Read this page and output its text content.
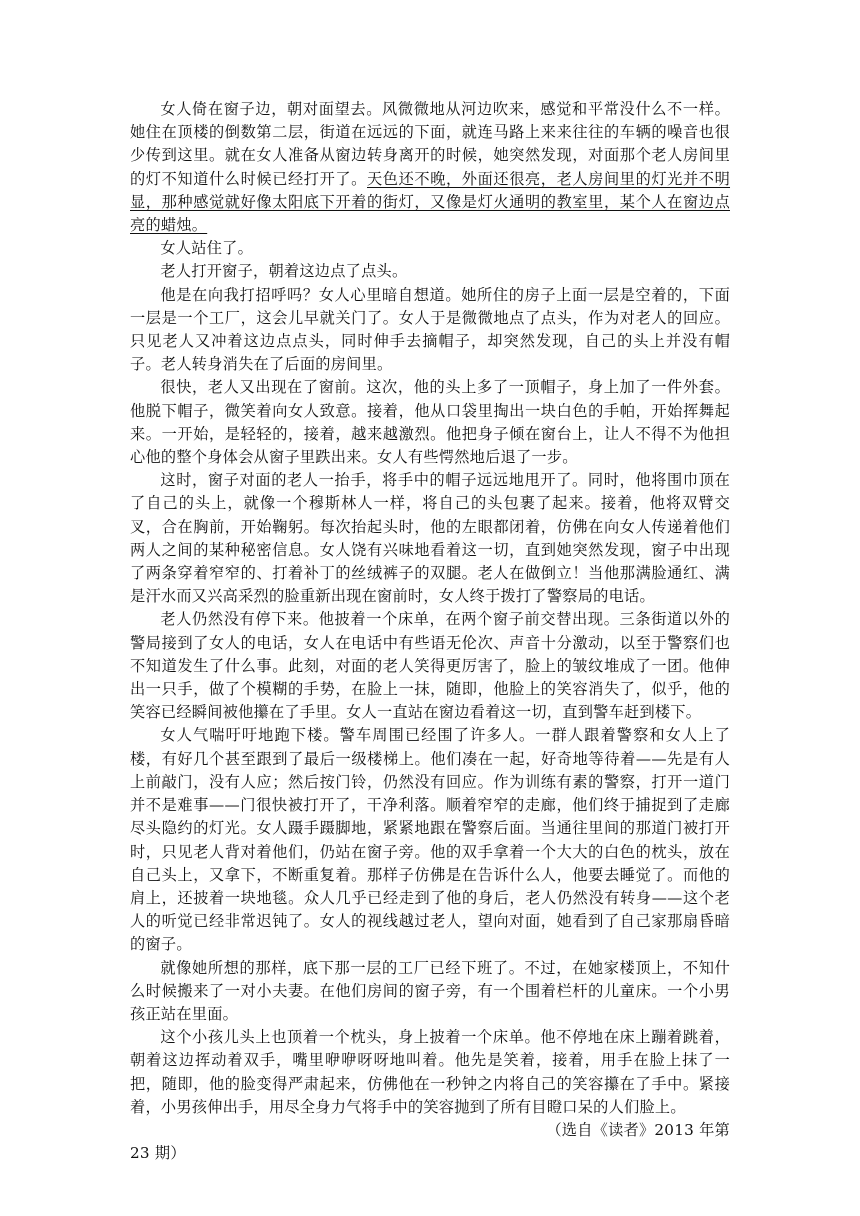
女人倚在窗子边，朝对面望去。风微微地从河边吹来，感觉和平常没什么不一样。她住在顶楼的倒数第二层，街道在远远的下面，就连马路上来来往往的车辆的噪音也很少传到这里。就在女人准备从窗边转身离开的时候，她突然发现，对面那个老人房间里的灯不知道什么时候已经打开了。天色还不晚，外面还很亮，老人房间里的灯光并不明显，那种感觉就好像太阳底下开着的街灯，又像是灯火通明的教室里，某个人在窗边点亮的蜡烛。

女人站住了。

老人打开窗子，朝着这边点了点头。

他是在向我打招呼吗？女人心里暗自想道。她所住的房子上面一层是空着的，下面一层是一个工厂，这会儿早就关门了。女人于是微微地点了点头，作为对老人的回应。只见老人又冲着这边点点头，同时伸手去摘帽子，却突然发现，自己的头上并没有帽子。老人转身消失在了后面的房间里。

很快，老人又出现在了窗前。这次，他的头上多了一顶帽子，身上加了一件外套。他脱下帽子，微笑着向女人致意。接着，他从口袋里掏出一块白色的手帕，开始挥舞起来。一开始，是轻轻的，接着，越来越激烈。他把身子倾在窗台上，让人不得不为他担心他的整个身体会从窗子里跌出来。女人有些愕然地后退了一步。

这时，窗子对面的老人一抬手，将手中的帽子远远地甩开了。同时，他将围巾顶在了自己的头上，就像一个穆斯林人一样，将自己的头包裹了起来。接着，他将双臂交叉，合在胸前，开始鞠躬。每次抬起头时，他的左眼都闭着，仿佛在向女人传递着他们两人之间的某种秘密信息。女人饶有兴味地看着这一切，直到她突然发现，窗子中出现了两条穿着窄窄的、打着补丁的丝绒裤子的双腿。老人在做倒立！当他那满脸通红、满是汗水而又兴高采烈的脸重新出现在窗前时，女人终于拨打了警察局的电话。

老人仍然没有停下来。他披着一个床单，在两个窗子前交替出现。三条街道以外的警局接到了女人的电话，女人在电话中有些语无伦次、声音十分激动，以至于警察们也不知道发生了什么事。此刻，对面的老人笑得更厉害了，脸上的皱纹堆成了一团。他伸出一只手，做了个模糊的手势，在脸上一抹，随即，他脸上的笑容消失了，似乎，他的笑容已经瞬间被他攥在了手里。女人一直站在窗边看着这一切，直到警车赶到楼下。

女人气喘吁吁地跑下楼。警车周围已经围了许多人。一群人跟着警察和女人上了楼，有好几个甚至跟到了最后一级楼梯上。他们凑在一起，好奇地等待着——先是有人上前敲门，没有人应；然后按门铃，仍然没有回应。作为训练有素的警察，打开一道门并不是难事——门很快被打开了，干净利落。顺着窄窄的走廊，他们终于捕捉到了走廊尽头隐约的灯光。女人蹑手蹑脚地，紧紧地跟在警察后面。当通往里间的那道门被打开时，只见老人背对着他们，仍站在窗子旁。他的双手拿着一个大大的白色的枕头，放在自己头上，又拿下，不断重复着。那样子仿佛是在告诉什么人，他要去睡觉了。而他的肩上，还披着一块地毯。众人几乎已经走到了他的身后，老人仍然没有转身——这个老人的听觉已经非常迟钝了。女人的视线越过老人，望向对面，她看到了自己家那扇昏暗的窗子。

就像她所想的那样，底下那一层的工厂已经下班了。不过，在她家楼顶上，不知什么时候搬来了一对小夫妻。在他们房间的窗子旁，有一个围着栏杆的儿童床。一个小男孩正站在里面。

这个小孩儿头上也顶着一个枕头，身上披着一个床单。他不停地在床上蹦着跳着，朝着这边挥动着双手，嘴里咿咿呀呀地叫着。他先是笑着，接着，用手在脸上抹了一把，随即，他的脸变得严肃起来，仿佛他在一秒钟之内将自己的笑容攥在了手中。紧接着，小男孩伸出手，用尽全身力气将手中的笑容抛到了所有目瞪口呆的人们脸上。

（选自《读者》2013 年第

23 期）
